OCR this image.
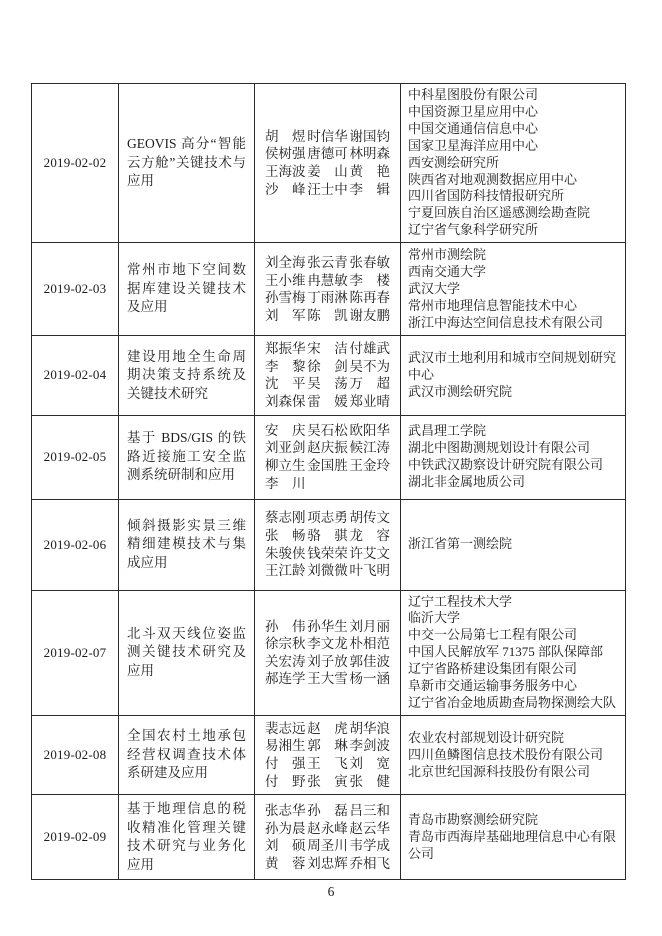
2019-02-02
GEOVIS 高分“智能云方舱”关键技术与应用
胡　煜 时信华 谢国钧
侯树强 唐德可 林明森
王海波 姜　山 黄　艳
沙　峰 汪士中 李　辑
中科星图股份有限公司
中国资源卫星应用中心
中国交通通信信息中心
国家卫星海洋应用中心
西安测绘研究所
陕西省对地观测数据应用中心
四川省国防科技情报研究所
宁夏回族自治区遥感测绘勘查院
辽宁省气象科学研究所
2019-02-03
常州市地下空间数据库建设关键技术及应用
刘全海 张云青 张春敏
王小维 冉慧敏 李　楼
孙雪梅 丁雨淋 陈再春
刘　军 陈　凯 谢友鹏
常州市测绘院
西南交通大学
武汉大学
常州市地理信息智能技术中心
浙江中海达空间信息技术有限公司
2019-02-04
建设用地全生命周期决策支持系统及关键技术研究
郑振华 宋　洁 付雄武
李　黎 徐　剑 吴不为
沈　平 吴　荡 万　超
刘森保 雷　媛 郑业晴
武汉市土地利用和城市空间规划研究中心
武汉市测绘研究院
2019-02-05
基于 BDS/GIS 的铁路近接施工安全监测系统研制和应用
安　庆 吴石松 欧阳华
刘亚剑 赵庆振 候江涛
柳立生 金国胜 王金玲
李　川
武昌理工学院
湖北中图勘测规划设计有限公司
中铁武汉勘察设计研究院有限公司
湖北非金属地质公司
2019-02-06
倾斜摄影实景三维精细建模技术与集成应用
蔡志刚 项志勇 胡传文
张　畅 骆　骐 龙　容
朱骏侠 钱荣荣 许艾文
王江龄 刘微微 叶飞明
浙江省第一测绘院
2019-02-07
北斗双天线位姿监测关键技术研究及应用
孙　伟 孙华生 刘月丽
徐宗秋 李文龙 朴相范
关宏涛 刘子放 郭佳波
郝连学 王大雪 杨一涵
辽宁工程技术大学
临沂大学
中交一公局第七工程有限公司
中国人民解放军 71375 部队保障部
辽宁省路桥建设集团有限公司
阜新市交通运输事务服务中心
辽宁省冶金地质勘查局物探测绘大队
2019-02-08
全国农村土地承包经营权调查技术体系研建及应用
裴志远 赵　虎 胡华浪
易湘生 郭　琳 李剑波
付　强 王　飞 刘　宽
付　野 张　寅 张　健
农业农村部规划设计研究院
四川鱼鳞图信息技术股份有限公司
北京世纪国源科技股份有限公司
2019-02-09
基于地理信息的税收精准化管理关键技术研究与业务化应用
张志华 孙　磊 吕三和
孙为晨 赵永峰 赵云华
刘　硕 周圣川 韦学成
黄　蓉 刘忠辉 乔相飞
青岛市勘察测绘研究院
青岛市西海岸基础地理信息中心有限公司
6
